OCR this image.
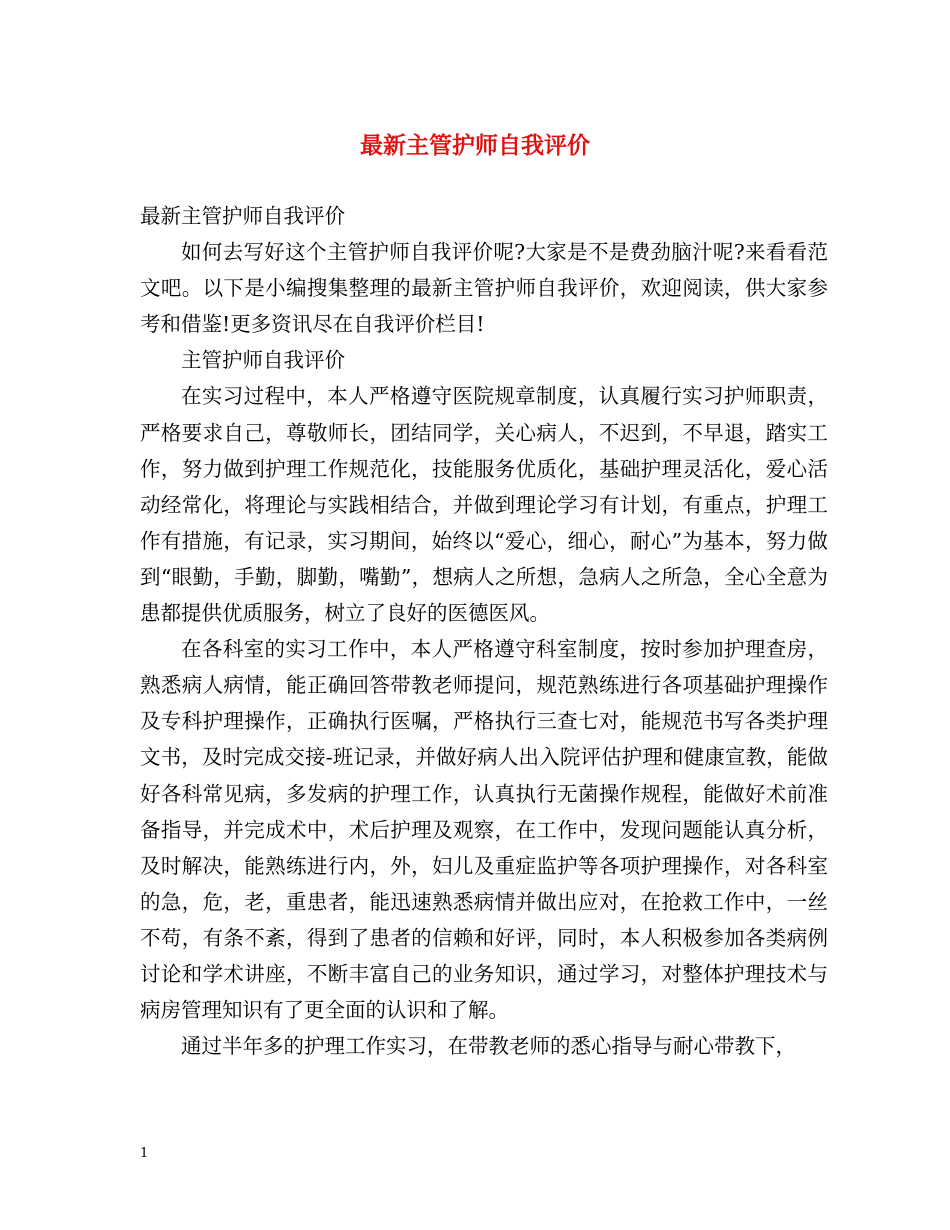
最新主管护师自我评价

最新主管护师自我评价

如何去写好这个主管护师自我评价呢?大家是不是费劲脑汁呢?来看看范文吧。以下是小编搜集整理的最新主管护师自我评价，欢迎阅读，供大家参考和借鉴!更多资讯尽在自我评价栏目!

主管护师自我评价

在实习过程中，本人严格遵守医院规章制度，认真履行实习护师职责，严格要求自己，尊敬师长，团结同学，关心病人，不迟到，不早退，踏实工作，努力做到护理工作规范化，技能服务优质化，基础护理灵活化，爱心活动经常化，将理论与实践相结合，并做到理论学习有计划，有重点，护理工作有措施，有记录，实习期间，始终以“爱心，细心，耐心”为基本，努力做到“眼勤，手勤，脚勤，嘴勤”，想病人之所想，急病人之所急，全心全意为患都提供优质服务，树立了良好的医德医风。

在各科室的实习工作中，本人严格遵守科室制度，按时参加护理查房，熟悉病人病情，能正确回答带教老师提问，规范熟练进行各项基础护理操作及专科护理操作，正确执行医嘱，严格执行三查七对，能规范书写各类护理文书，及时完成交接-班记录，并做好病人出入院评估护理和健康宣教，能做好各科常见病，多发病的护理工作，认真执行无菌操作规程，能做好术前准备指导，并完成术中，术后护理及观察，在工作中，发现问题能认真分析，及时解决，能熟练进行内，外，妇儿及重症监护等各项护理操作，对各科室的急，危，老，重患者，能迅速熟悉病情并做出应对，在抢救工作中，一丝不苟，有条不紊，得到了患者的信赖和好评，同时，本人积极参加各类病例讨论和学术讲座，不断丰富自己的业务知识，通过学习，对整体护理技术与病房管理知识有了更全面的认识和了解。

通过半年多的护理工作实习，在带教老师的悉心指导与耐心带教下，

1
